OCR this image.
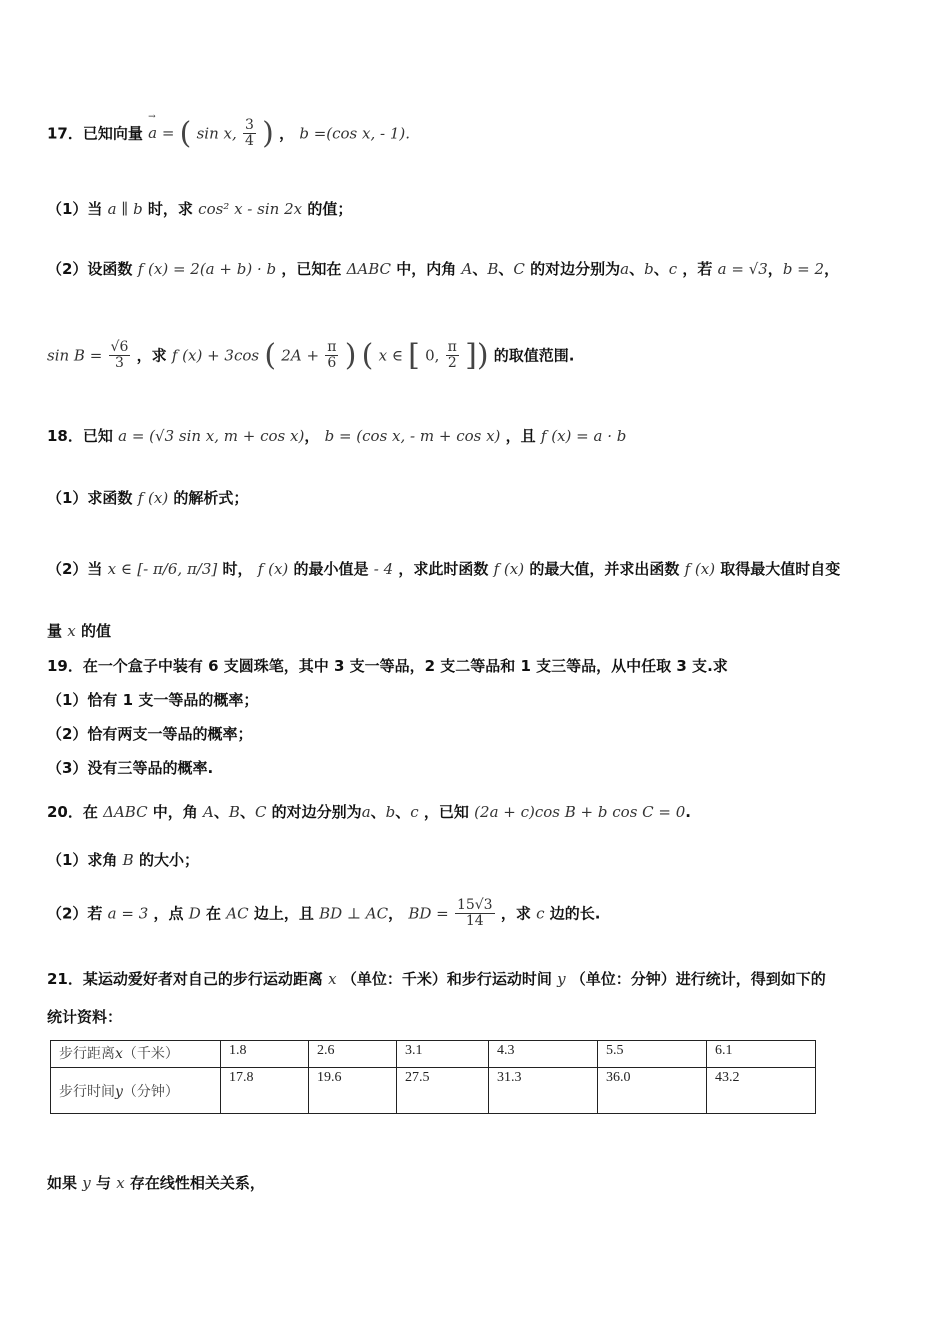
17．已知向量 → a = ( sin x, $\frac{3}{4}$ ) ， b =(cos x, - 1).
（1）当 a ∥ b 时，求 cos² x - sin 2x 的值；
（2）设函数 f (x) = 2(a + b) · b ，已知在 ΔABC 中，内角 A、B、C 的对边分别为a、b、c ，若 a = √3，b = 2，
$\sin B = \frac{√6}{3}$ ，求 f (x) + 3cos ( $2A + \frac{\pi}{6}$ ) ( x ∈ [ 0, $\frac{\pi}{2}$ ]) 的取值范围.
18．已知 a = (√3 sin x, m + cos x)， b = (cos x, - m + cos x) ，且 f (x) = a · b
（1）求函数 f (x) 的解析式；
（2）当 x ∈ [- π/6, π/3] 时， f (x) 的最小值是 - 4 ，求此时函数 f (x) 的最大值，并求出函数 f (x) 取得最大值时自变
量 x 的值
19．在一个盒子中装有 6 支圆珠笔，其中 3 支一等品，2 支二等品和 1 支三等品，从中任取 3 支.求
（1）恰有 1 支一等品的概率；
（2）恰有两支一等品的概率；
（3）没有三等品的概率.
20．在 ΔABC 中，角 A、B、C 的对边分别为a、b、c ，已知 (2a + c)cos B + b cos C = 0.
（1）求角 B 的大小；
（2）若 a = 3 ，点 D 在 AC 边上，且 BD ⊥ AC， BD = $\frac{15√3}{14}$ ，求 c 边的长.
21．某运动爱好者对自己的步行运动距离 x （单位：千米）和步行运动时间 y （单位：分钟）进行统计，得到如下的
统计资料：
步行距离x（千米）	1.8	2.6	3.1	4.3	5.5	6.1
步行时间y（分钟）	17.8	19.6	27.5	31.3	36.0	43.2
如果 y 与 x 存在线性相关关系，
